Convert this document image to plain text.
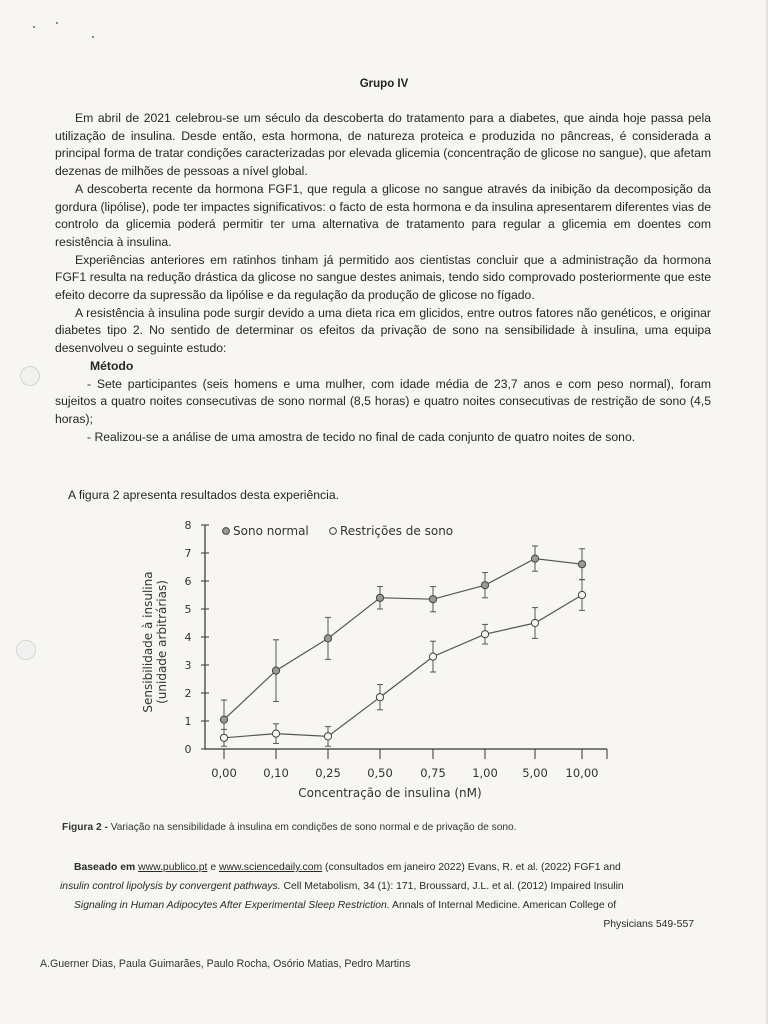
Grupo IV

Em abril de 2021 celebrou-se um século da descoberta do tratamento para a diabetes, que ainda hoje passa pela utilização de insulina. Desde então, esta hormona, de natureza proteica e produzida no pâncreas, é considerada a principal forma de tratar condições caracterizadas por elevada glicemia (concentração de glicose no sangue), que afetam dezenas de milhões de pessoas a nível global.

A descoberta recente da hormona FGF1, que regula a glicose no sangue através da inibição da decomposição da gordura (lipólise), pode ter impactes significativos: o facto de esta hormona e da insulina apresentarem diferentes vias de controlo da glicemia poderá permitir ter uma alternativa de tratamento para regular a glicemia em doentes com resistência à insulina.

Experiências anteriores em ratinhos tinham já permitido aos cientistas concluir que a administração da hormona FGF1 resulta na redução drástica da glicose no sangue destes animais, tendo sido comprovado posteriormente que este efeito decorre da supressão da lipólise e da regulação da produção de glicose no fígado.

A resistência à insulina pode surgir devido a uma dieta rica em glicidos, entre outros fatores não genéticos, e originar diabetes tipo 2. No sentido de determinar os efeitos da privação de sono na sensibilidade à insulina, uma equipa desenvolveu o seguinte estudo:

Método

- Sete participantes (seis homens e uma mulher, com idade média de 23,7 anos e com peso normal), foram sujeitos a quatro noites consecutivas de sono normal (8,5 horas) e quatro noites consecutivas de restrição de sono (4,5 horas);

- Realizou-se a análise de uma amostra de tecido no final de cada conjunto de quatro noites de sono.

A figura 2 apresenta resultados desta experiência.
0
1
2
3
4
5
6
7
8
0,00 0,10 0,25 0,50 0,75 1,00 5,00 10,00
Concentração de insulina (nM)
Sensibilidade à insulina (unidade arbitrárias)
Sono normal	Restrições de sono
Figura 2 - Variação na sensibilidade à insulina em condições de sono normal e de privação de sono.

Baseado em www.publico.pt e www.sciencedaily.com (consultados em janeiro 2022) Evans, R. et al. (2022) FGF1 and

insulin control lipolysis by convergent pathways. Cell Metabolism, 34 (1): 171, Broussard, J.L. et al. (2012) Impaired Insulin

Signaling in Human Adipocytes After Experimental Sleep Restriction. Annals of Internal Medicine. American College of

Physicians 549-557

A.Guerner Dias, Paula Guimarães, Paulo Rocha, Osório Matias, Pedro Martins
